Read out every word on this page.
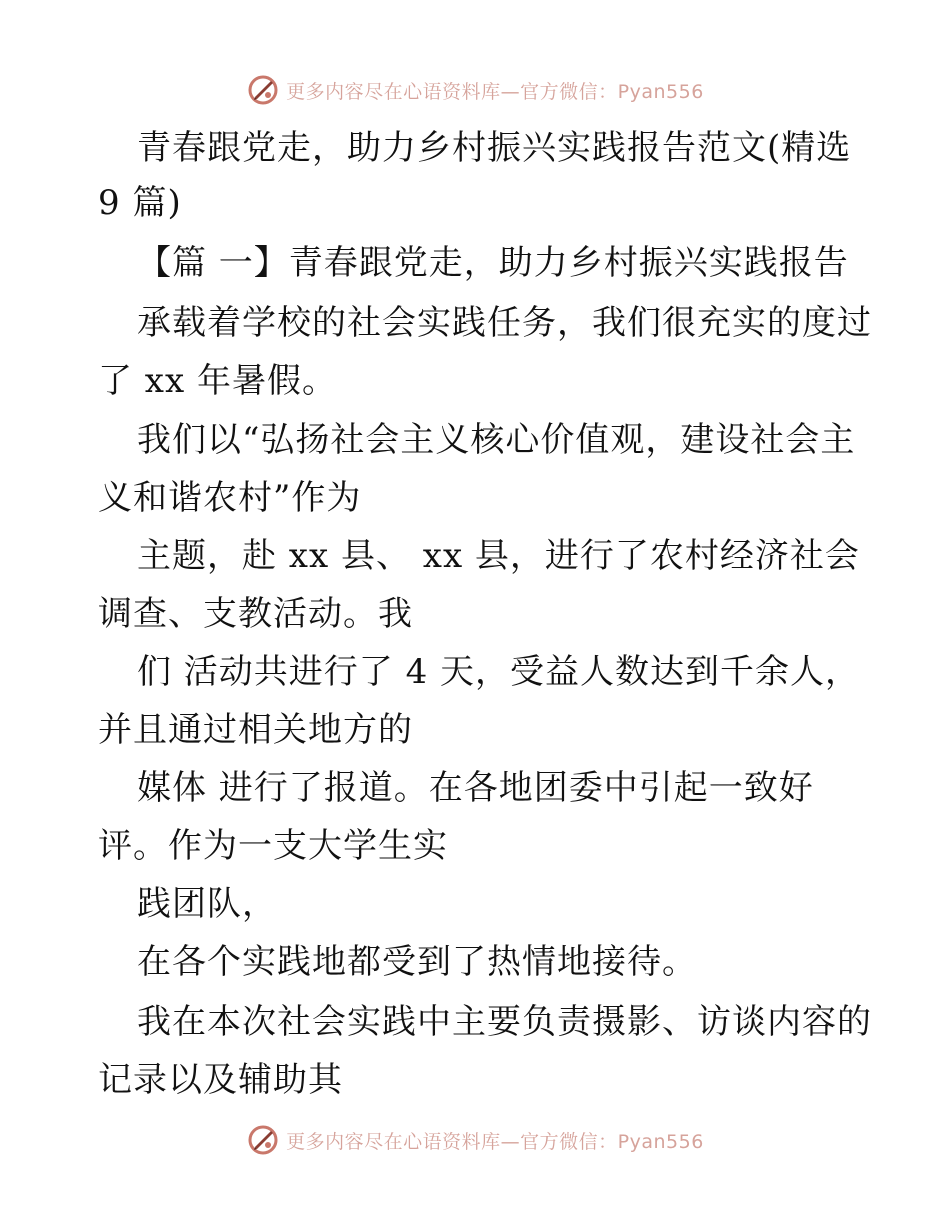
更多内容尽在心语资料库—官方微信：Pyan556
青春跟党走，助力乡村振兴实践报告范文(精选
9 篇)
【篇 一】青春跟党走，助力乡村振兴实践报告
承载着学校的社会实践任务，我们很充实的度过
了 xx 年暑假。
我们以“弘扬社会主义核心价值观，建设社会主
义和谐农村”作为
主题，赴 xx 县、 xx 县，进行了农村经济社会
调查、支教活动。我
们 活动共进行了 4 天，受益人数达到千余人，
并且通过相关地方的
媒体 进行了报道。在各地团委中引起一致好
评。作为一支大学生实
践团队，
在各个实践地都受到了热情地接待。
我在本次社会实践中主要负责摄影、访谈内容的
记录以及辅助其
更多内容尽在心语资料库—官方微信：Pyan556
